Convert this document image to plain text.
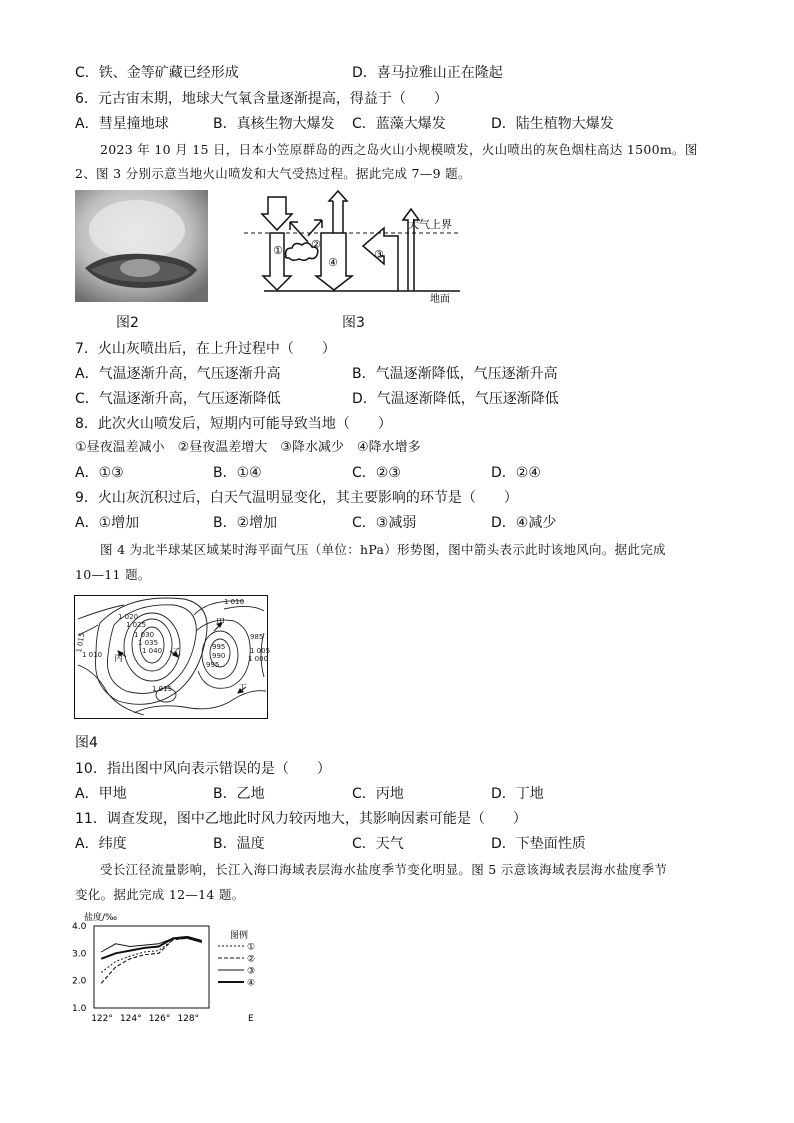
C．铁、金等矿藏已经形成	D．喜马拉雅山正在隆起
6．元古宙末期，地球大气氧含量逐渐提高，得益于（　　）
A．彗星撞地球	B．真核生物大爆发 C．蓝藻大爆发	D．陆生植物大爆发
2023 年 10 月 15 日，日本小笠原群岛的西之岛火山小规模喷发，火山喷出的灰色烟柱高达 1500m。图
2、图 3 分别示意当地火山喷发和大气受热过程。据此完成 7—9 题。
图2
①	②
③
④
大气上界
地面
图3
7．火山灰喷出后，在上升过程中（　　）
A．气温逐渐升高，气压逐渐升高	B．气温逐渐降低，气压逐渐升高
C．气温逐渐升高，气压逐渐降低	D．气温逐渐降低，气压逐渐降低
8．此次火山喷发后，短期内可能导致当地（　　）
①昼夜温差减小　②昼夜温差增大　③降水减少　④降水增多
A．①③	B．①④	C．②③	D．②④
9．火山灰沉积过后，白天气温明显变化，其主要影响的环节是（　　）
A．①增加	B．②增加	C．③减弱	D．④减少
图 4 为北半球某区域某时海平面气压（单位：hPa）形势图，图中箭头表示此时该地风向。据此完成
10—11 题。
1 010
1 015
1 020
1 025
1 030
1 035
1 040
1 010
995
990
985
1 000
1 005
1 015
995
甲
乙
丙
丁
图4
10．指出图中风向表示错误的是（　　）
A．甲地	B．乙地	C．丙地	D．丁地
11．调查发现，图中乙地此时风力较丙地大，其影响因素可能是（　　）
A．纬度	B．温度	C．天气	D．下垫面性质
受长江径流量影响，长江入海口海域表层海水盐度季节变化明显。图 5 示意该海域表层海水盐度季节
变化。据此完成 12—14 题。
盐度/‰
4.0
3.0
2.0
1.0
122° 124° 126° 128°	E
图例
①
②
③
④
